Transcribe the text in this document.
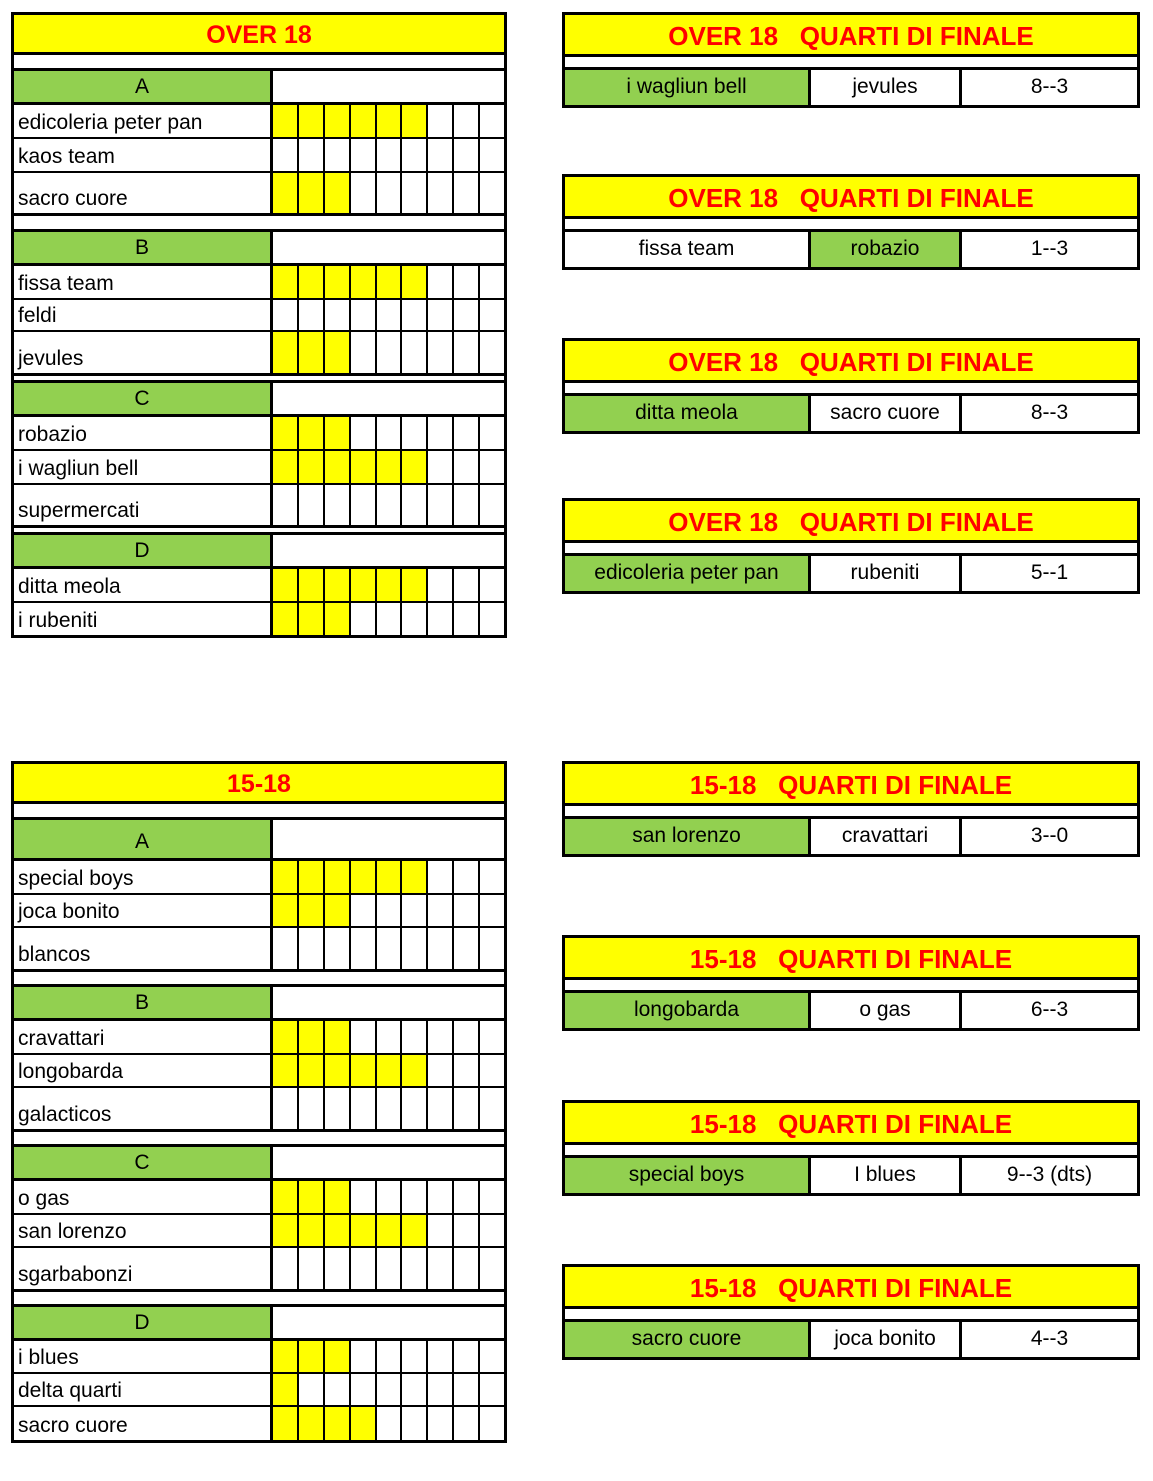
OVER 18
A
edicoleria peter pan
kaos team
sacro cuore
B
fissa team
feldi
jevules
C
robazio
i wagliun bell
supermercati
D
ditta meola
i rubeniti
15-18
A
special boys
joca bonito
blancos
B
cravattari
longobarda
galacticos
C
o gas
san lorenzo
sgarbabonzi
D
i blues
delta quarti
sacro cuore
OVER 18   QUARTI DI FINALE
i wagliun bell	jevules	8--3
OVER 18   QUARTI DI FINALE
fissa team	robazio	1--3
OVER 18   QUARTI DI FINALE
ditta meola	sacro cuore	8--3
OVER 18   QUARTI DI FINALE
edicoleria peter pan	rubeniti	5--1
15-18   QUARTI DI FINALE
san lorenzo	cravattari	3--0
15-18   QUARTI DI FINALE
longobarda	o gas	6--3
15-18   QUARTI DI FINALE
special boys	I blues	9--3 (dts)
15-18   QUARTI DI FINALE
sacro cuore	joca bonito	4--3
